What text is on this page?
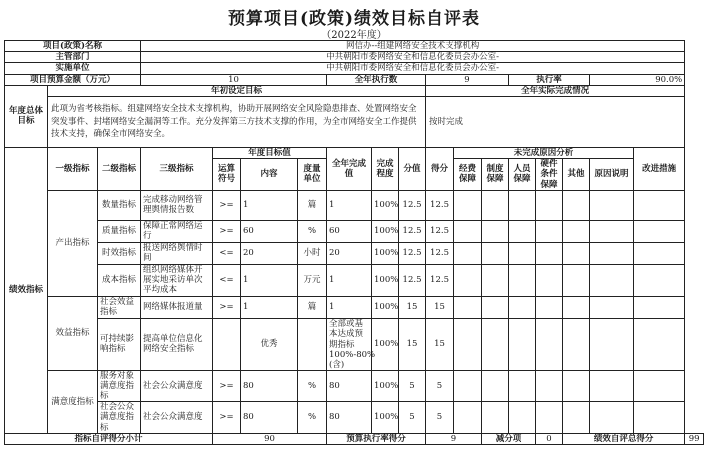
预算项目(政策)绩效目标自评表
（2022年度）
项目(政策)名称			网信办--组建网络安全技术支撑机构															
主管部门			中共朝阳市委网络安全和信息化委员会办公室-															
实施单位			中共朝阳市委网络安全和信息化委员会办公室-															
项目预算金额（万元）			10				全年执行数			9			执行率			90.0%		
年度总体目标	年初设定目标									全年实际完成情况								

	此项为省考核指标。组建网络安全技术支撑机构，协助开展网络安全风险隐患排查、处置网络安全突发事件、封堵网络安全漏洞等工作。充分发挥第三方技术支撑的作用，为全市网络安全工作提供技术支持，确保全市网络安全。									按时完成								
绩效指标	一级指标	二级指标	三级指标	年度目标值			全年完成值	完成程度	分值	得分	未完成原因分析						改进措施	
				运算符号	内容	度量单位					经费保障	制度保障	人员保障	硬件条件保障	其他	原因说明		
	产出指标	数量指标	完成移动网络管理舆情报告数	>=	1	篇	1	100%	12.5	12.5								
		质量指标	保障正常网络运行	>=	60	%	60	100%	12.5	12.5								
		时效指标	报送网络舆情时间	<=	20	小时	20	100%	12.5	12.5								
		成本指标	组织网络媒体开展实地采访单次平均成本	<=	1	万元	1	100%	12.5	12.5								
	效益指标	社会效益指标	网络媒体报道量	>=	1	篇	1	100%	15	15								

		可持续影响指标	提高单位信息化网络安全指标		优秀		全部或基本达成预期指标100%-80%(含)	100%	15	15								
	满意度指标	服务对象满意度指标	社会公众满意度	>=	80	%	80	100%	5	5								

		社会公众满意度指标	社会公众满意度	>=	80	%	80	100%	5	5								
指标自评得分小计				90			预算执行率得分			9		减分项		0	绩效自评总得分			99
